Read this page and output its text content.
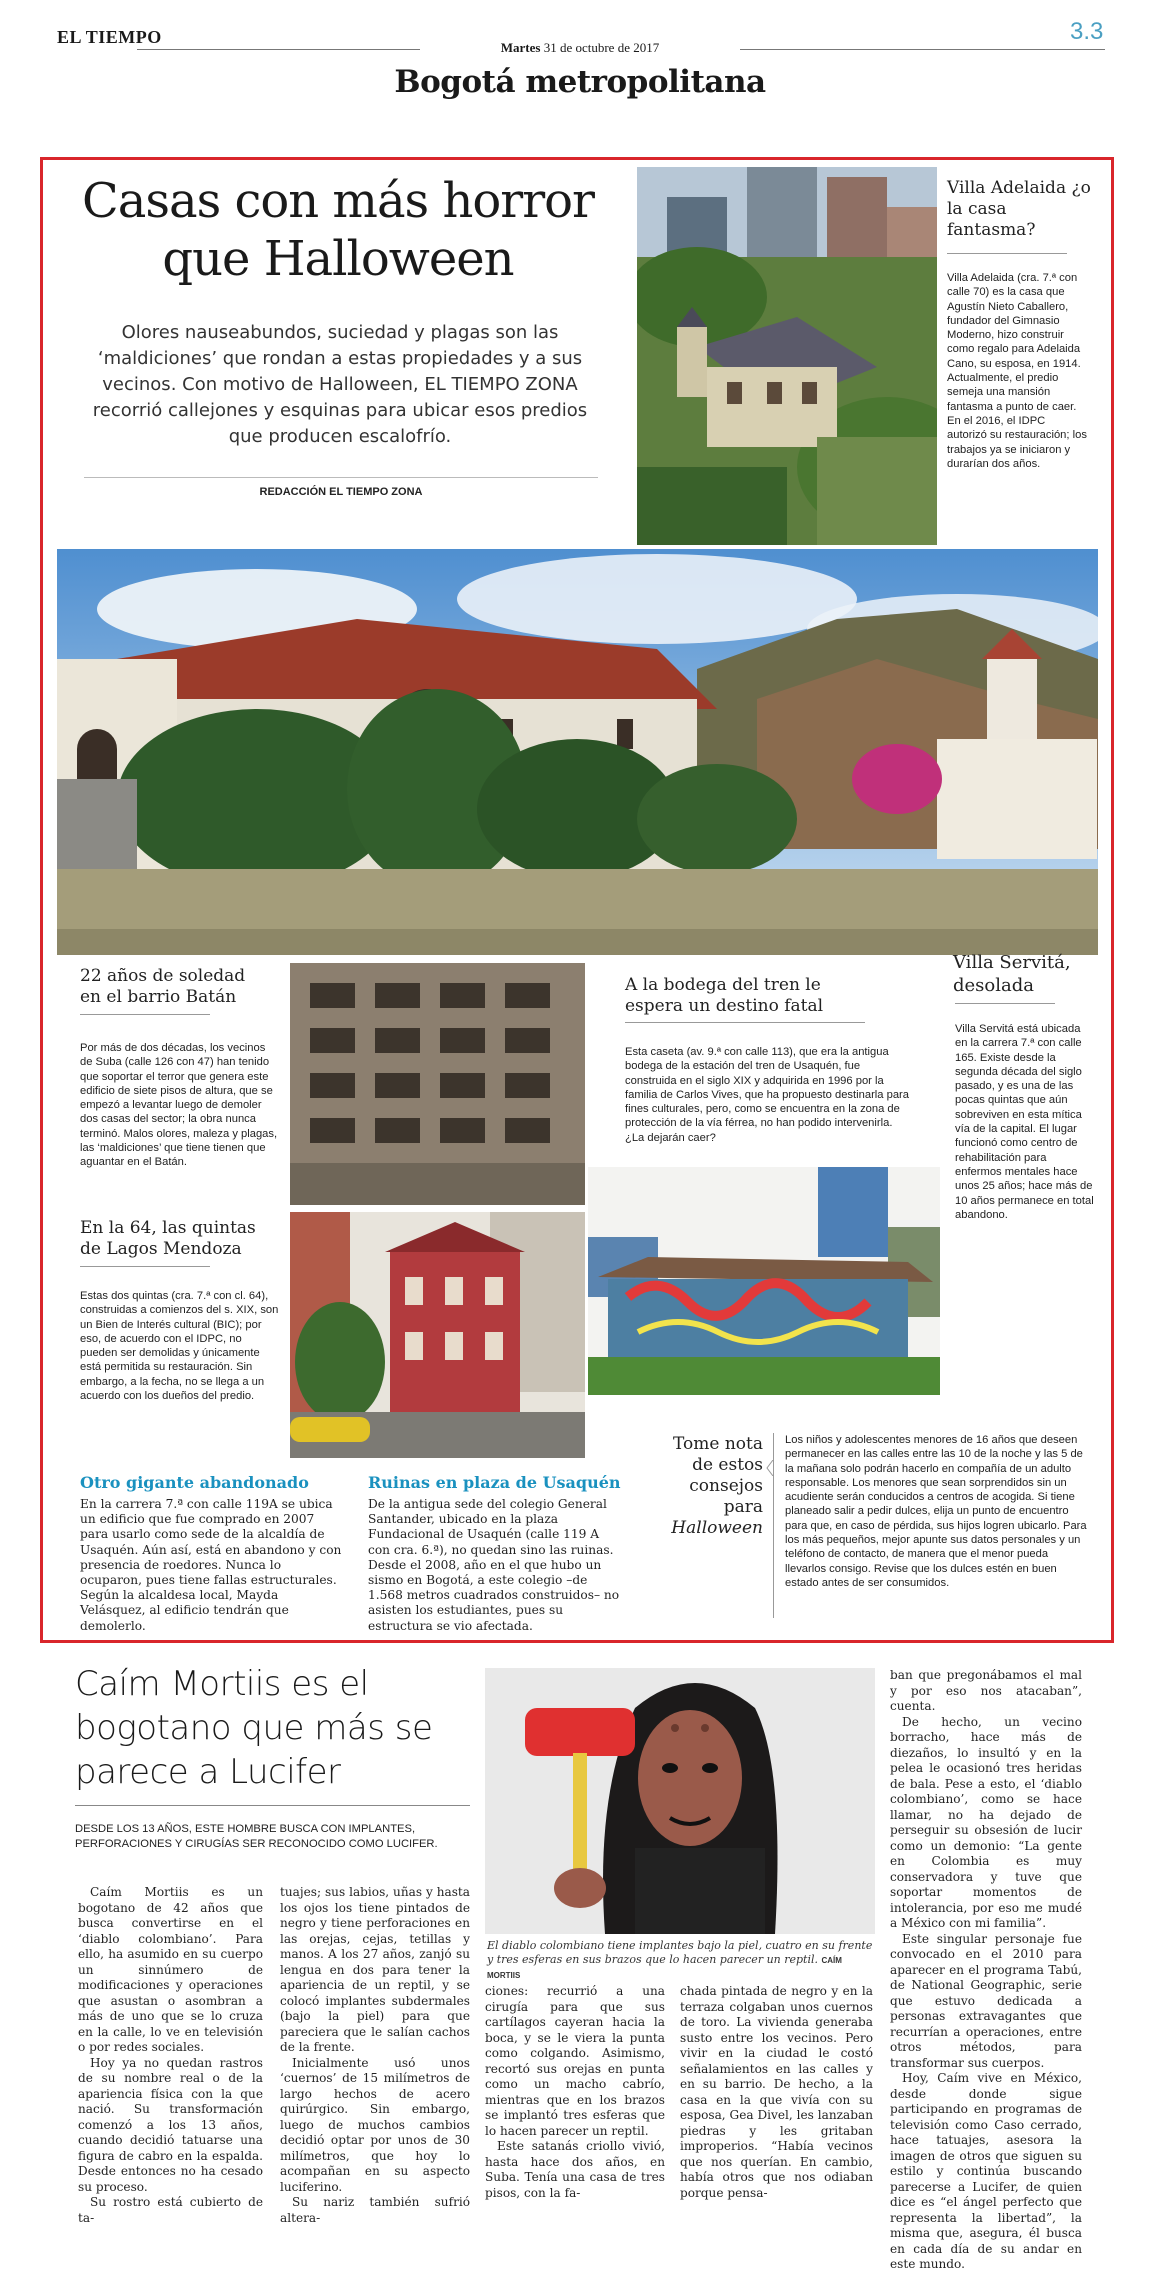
EL TIEMPO
Martes 31 de octubre de 2017
3.3
Bogotá metropolitana
Casas con más horror que Halloween
Olores nauseabundos, suciedad y plagas son las ‘maldiciones’ que rondan a estas propiedades y a sus vecinos. Con motivo de Halloween, EL TIEMPO ZONA recorrió callejones y esquinas para ubicar esos predios que producen escalofrío.
REDACCIÓN EL TIEMPO ZONA
Villa Adelaida ¿o la casa fantasma?
Villa Adelaida (cra. 7.ª con calle 70) es la casa que Agustín Nieto Caballero, fundador del Gimnasio Moderno, hizo construir como regalo para Adelaida Cano, su esposa, en 1914. Actualmente, el predio semeja una mansión fantasma a punto de caer. En el 2016, el IDPC autorizó su restauración; los trabajos ya se iniciaron y durarían dos años.
22 años de soledad en el barrio Batán
Por más de dos décadas, los vecinos de Suba (calle 126 con 47) han tenido que soportar el terror que genera este edificio de siete pisos de altura, que se empezó a levantar luego de demoler dos casas del sector; la obra nunca terminó. Malos olores, maleza y plagas, las ‘maldiciones’ que tiene tienen que aguantar en el Batán.
En la 64, las quintas de Lagos Mendoza
Estas dos quintas (cra. 7.ª con cl. 64), construidas a comienzos del s. XIX, son un Bien de Interés cultural (BIC); por eso, de acuerdo con el IDPC, no pueden ser demolidas y únicamente está permitida su restauración. Sin embargo, a la fecha, no se llega a un acuerdo con los dueños del predio.
A la bodega del tren le espera un destino fatal
Esta caseta (av. 9.ª con calle 113), que era la antigua bodega de la estación del tren de Usaquén, fue construida en el siglo XIX y adquirida en 1996 por la familia de Carlos Vives, que ha propuesto destinarla para fines culturales, pero, como se encuentra en la zona de protección de la vía férrea, no han podido intervenirla. ¿La dejarán caer?
Villa Servitá, desolada
Villa Servitá está ubicada en la carrera 7.ª con calle 165. Existe desde la segunda década del siglo pasado, y es una de las pocas quintas que aún sobreviven en esta mítica vía de la capital. El lugar funcionó como centro de rehabilitación para enfermos mentales hace unos 25 años; hace más de 10 años permanece en total abandono.
Otro gigante abandonado
En la carrera 7.ª con calle 119A se ubica un edificio que fue comprado en 2007 para usarlo como sede de la alcaldía de Usaquén. Aún así, está en abandono y con presencia de roedores. Nunca lo ocuparon, pues tiene fallas estructurales. Según la alcaldesa local, Mayda Velásquez, al edificio tendrán que demolerlo.
Ruinas en plaza de Usaquén
De la antigua sede del colegio General Santander, ubicado en la plaza Fundacional de Usaquén (calle 119 A con cra. 6.ª), no quedan sino las ruinas. Desde el 2008, año en el que hubo un sismo en Bogotá, a este colegio –de 1.568 metros cuadrados construidos– no asisten los estudiantes, pues su estructura se vio afectada.
Tome nota de estos consejos para Halloween
Los niños y adolescentes menores de 16 años que deseen permanecer en las calles entre las 10 de la noche y las 5 de la mañana solo podrán hacerlo en compañía de un adulto responsable. Los menores que sean sorprendidos sin un acudiente serán conducidos a centros de acogida. Si tiene planeado salir a pedir dulces, elija un punto de encuentro para que, en caso de pérdida, sus hijos logren ubicarlo. Para los más pequeños, mejor apunte sus datos personales y un teléfono de contacto, de manera que el menor pueda llevarlos consigo. Revise que los dulces estén en buen estado antes de ser consumidos.
Caím Mortiis es el bogotano que más se parece a Lucifer
DESDE LOS 13 AÑOS, ESTE HOMBRE BUSCA CON IMPLANTES, PERFORACIONES Y CIRUGÍAS SER RECONOCIDO COMO LUCIFER.

Caím Mortiis es un bogotano de 42 años que busca convertirse en el ‘diablo colombiano’. Para ello, ha asumido en su cuerpo un sinnúmero de modificaciones y operaciones que asustan o asombran a más de uno que se lo cruza en la calle, lo ve en televisión o por redes sociales.

Hoy ya no quedan rastros de su nombre real o de la apariencia física con la que nació. Su transformación comenzó a los 13 años, cuando decidió tatuarse una figura de cabro en la espalda. Desde entonces no ha cesado su proceso.

Su rostro está cubierto de ta-

tuajes; sus labios, uñas y hasta los ojos los tiene pintados de negro y tiene perforaciones en las orejas, cejas, tetillas y manos. A los 27 años, zanjó su lengua en dos para tener la apariencia de un reptil, y se colocó implantes subdermales (bajo la piel) para que pareciera que le salían cachos de la frente.

Inicialmente usó unos ‘cuernos’ de 15 milímetros de largo hechos de acero quirúrgico. Sin embargo, luego de muchos cambios decidió optar por unos de 30 milímetros, que hoy lo acompañan en su aspecto luciferino.

Su nariz también sufrió altera-

El diablo colombiano tiene implantes bajo la piel, cuatro en su frente y tres esferas en sus brazos que lo hacen parecer un reptil. CAÍM MORTIIS

ciones: recurrió a una cirugía para que sus cartílagos cayeran hacia la boca, y se le viera la punta como colgando. Asimismo, recortó sus orejas en punta como un macho cabrío, mientras que en los brazos se implantó tres esferas que lo hacen parecer un reptil.

Este satanás criollo vivió, hasta hace dos años, en Suba. Tenía una casa de tres pisos, con la fa-

chada pintada de negro y en la terraza colgaban unos cuernos de toro. La vivienda generaba susto entre los vecinos. Pero vivir en la ciudad le costó señalamientos en las calles y en su barrio. De hecho, a la casa en la que vivía con su esposa, Gea Divel, les lanzaban piedras y les gritaban improperios. “Había vecinos que nos querían. En cambio, había otros que nos odiaban porque pensa-

ban que pregonábamos el mal y por eso nos atacaban”, cuenta.

De hecho, un vecino borracho, hace más de diezaños, lo insultó y en la pelea le ocasionó tres heridas de bala. Pese a esto, el ‘diablo colombiano’, como se hace llamar, no ha dejado de perseguir su obsesión de lucir como un demonio: “La gente en Colombia es muy conservadora y tuve que soportar momentos de intolerancia, por eso me mudé a México con mi familia”.

Este singular personaje fue convocado en el 2010 para aparecer en el programa Tabú, de National Geographic, serie que estuvo dedicada a personas extravagantes que recurrían a operaciones, entre otros métodos, para transformar sus cuerpos.

Hoy, Caím vive en México, desde donde sigue participando en programas de televisión como Caso cerrado, hace tatuajes, asesora la imagen de otros que siguen su estilo y continúa buscando parecerse a Lucifer, de quien dice es “el ángel perfecto que representa la libertad”, la misma que, asegura, él busca en cada día de su andar en este mundo.
